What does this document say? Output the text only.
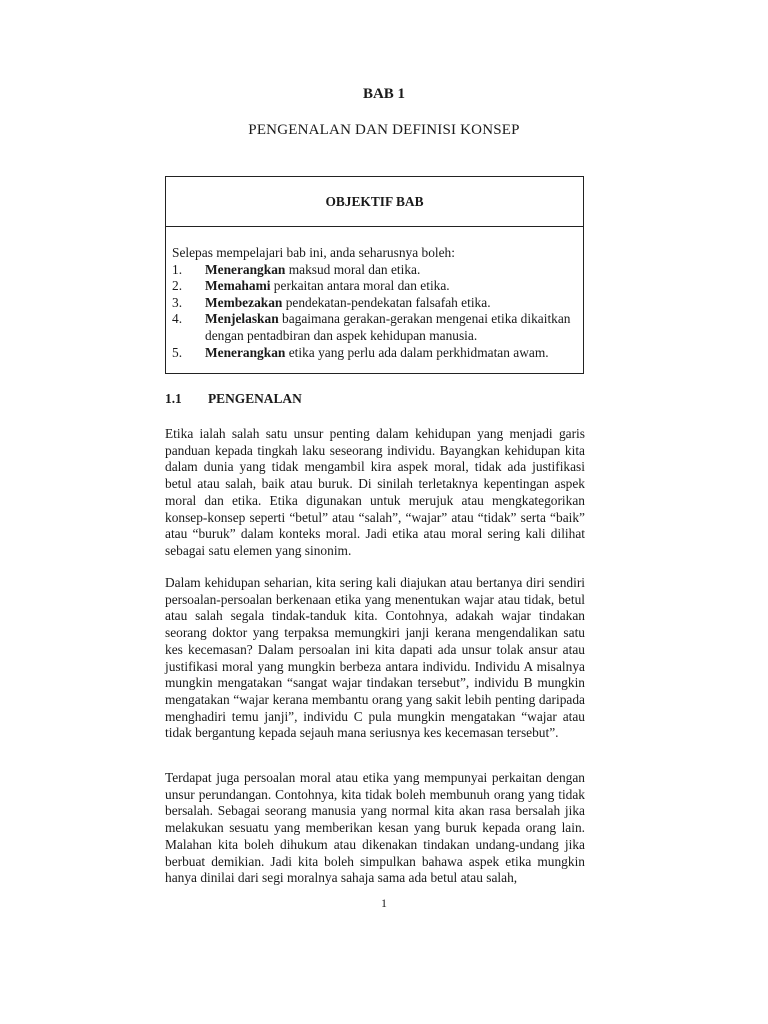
BAB 1
PENGENALAN DAN DEFINISI KONSEP
OBJEKTIF BAB
Selepas mempelajari bab ini, anda seharusnya boleh:
1.	Menerangkan maksud moral dan etika.
2.	Memahami perkaitan antara moral dan etika.
3.	Membezakan pendekatan-pendekatan falsafah etika.
4.	Menjelaskan bagaimana gerakan-gerakan mengenai etika dikaitkan dengan pentadbiran dan aspek kehidupan manusia.
5.	Menerangkan etika yang perlu ada dalam perkhidmatan awam.
1.1	PENGENALAN

Etika ialah salah satu unsur penting dalam kehidupan yang menjadi garis panduan kepada tingkah laku seseorang individu. Bayangkan kehidupan kita dalam dunia yang tidak mengambil kira aspek moral, tidak ada justifikasi betul atau salah, baik atau buruk. Di sinilah terletaknya kepentingan aspek moral dan etika. Etika digunakan untuk merujuk atau mengkategorikan konsep-konsep seperti “betul” atau “salah”, “wajar” atau “tidak” serta “baik” atau “buruk” dalam konteks moral. Jadi etika atau moral sering kali dilihat sebagai satu elemen yang sinonim.

Dalam kehidupan seharian, kita sering kali diajukan atau bertanya diri sendiri persoalan-persoalan berkenaan etika yang menentukan wajar atau tidak, betul atau salah segala tindak-tanduk kita. Contohnya, adakah wajar tindakan seorang doktor yang terpaksa memungkiri janji kerana mengendalikan satu kes kecemasan? Dalam persoalan ini kita dapati ada unsur tolak ansur atau justifikasi moral yang mungkin berbeza antara individu. Individu A misalnya mungkin mengatakan “sangat wajar tindakan tersebut”, individu B mungkin mengatakan “wajar kerana membantu orang yang sakit lebih penting daripada menghadiri temu janji”, individu C pula mungkin mengatakan “wajar atau tidak bergantung kepada sejauh mana seriusnya kes kecemasan tersebut”.

Terdapat juga persoalan moral atau etika yang mempunyai perkaitan dengan unsur perundangan. Contohnya, kita tidak boleh membunuh orang yang tidak bersalah. Sebagai seorang manusia yang normal kita akan rasa bersalah jika melakukan sesuatu yang memberikan kesan yang buruk kepada orang lain. Malahan kita boleh dihukum atau dikenakan tindakan undang-undang jika berbuat demikian. Jadi kita boleh simpulkan bahawa aspek etika mungkin hanya dinilai dari segi moralnya sahaja sama ada betul atau salah,

1
